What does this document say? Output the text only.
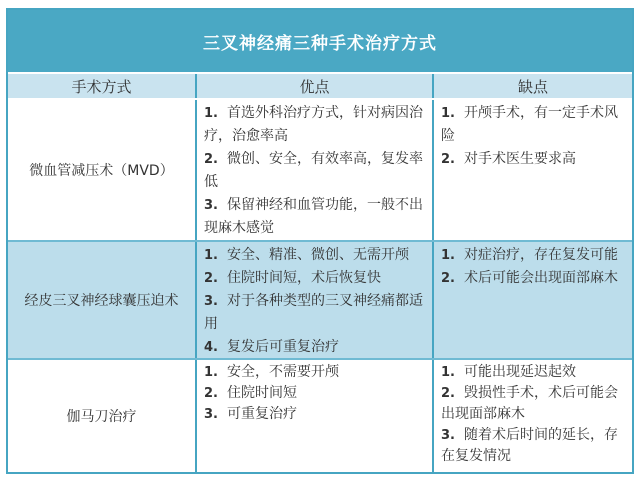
三叉神经痛三种手术治疗方式
手术方式	优点	缺点
微血管减压术（MVD）
1. 首选外科治疗方式，针对病因治疗，治愈率高
2. 微创、安全，有效率高，复发率低
3. 保留神经和血管功能，一般不出现麻木感觉
1. 开颅手术，有一定手术风险
2. 对手术医生要求高
经皮三叉神经球囊压迫术
1. 安全、精准、微创、无需开颅
2. 住院时间短，术后恢复快
3. 对于各种类型的三叉神经痛都适用
4. 复发后可重复治疗
1. 对症治疗，存在复发可能
2. 术后可能会出现面部麻木
伽马刀治疗
1. 安全，不需要开颅
2. 住院时间短
3. 可重复治疗
1. 可能出现延迟起效
2. 毁损性手术，术后可能会出现面部麻木
3. 随着术后时间的延长，存在复发情况
